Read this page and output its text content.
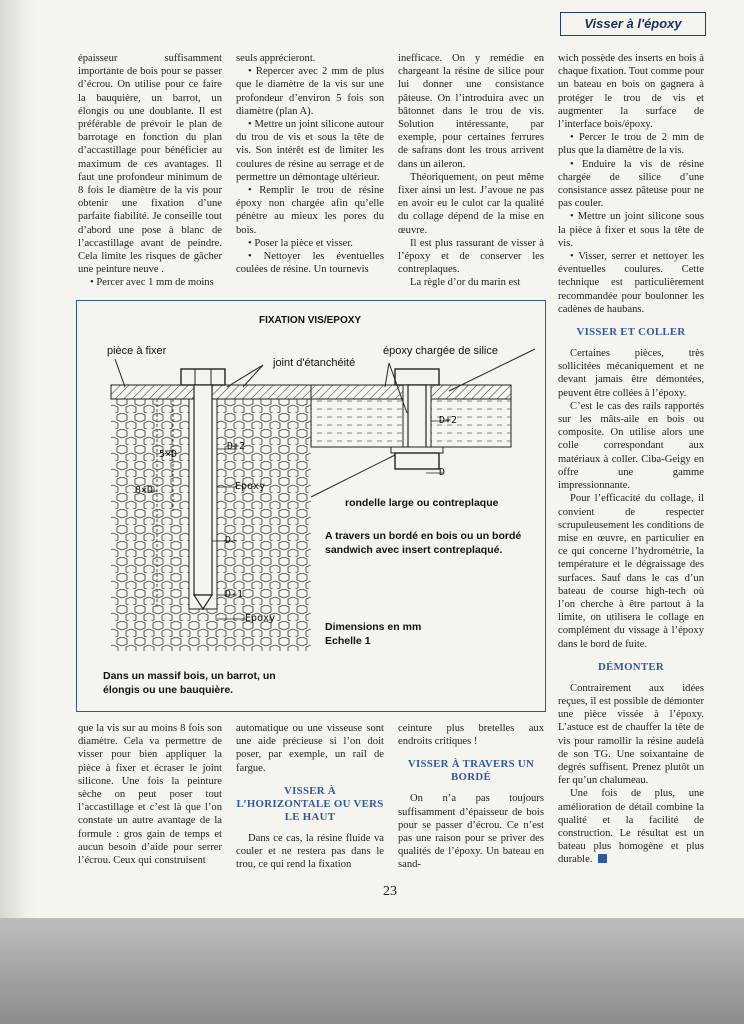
Visser à l'époxy

épaisseur suffisamment importante de bois pour se passer d’écrou. On utilise pour ce faire la bauquière, un barrot, un élongis ou une doublante. Il est préférable de prévoir le plan de barrotage en fonction du plan d’accastillage pour bénéficier au maximum de ces avantages. Il faut une profondeur minimum de 8 fois le diamètre de la vis pour obtenir une fixation d’une parfaite fiabilité. Je conseille tout d’abord une pose à blanc de l’accastillage avant de peindre. Cela limite les risques de gâcher une peinture neuve .

• Percer avec 1 mm de moins

seuls apprécieront.

• Repercer avec 2 mm de plus que le diamètre de la vis sur une profondeur d’environ 5 fois son diamètre (plan A).

• Mettre un joint silicone autour du trou de vis et sous la tête de vis. Son intérêt est de limiter les coulures de résine au serrage et de permettre un démontage ultérieur.

• Remplir le trou de résine époxy non chargée afin qu’elle pénètre au mieux les pores du bois.

• Poser la pièce et visser.

• Nettoyer les éventuelles coulées de résine. Un tournevis

inefficace. On y remédie en chargeant la résine de silice pour lui donner une consistance pâteuse. On l’introduira avec un bâtonnet dans le trou de vis. Solution intéressante, par exemple, pour certaines ferrures de safrans dont les trous arrivent dans un aileron.

Théoriquement, on peut même fixer ainsi un lest. J’avoue ne pas en avoir eu le culot car la qualité du collage dépend de la mise en œuvre.

Il est plus rassurant de visser à l’époxy et de conserver les contreplaques.

La règle d’or du marin est

wich possède des inserts en bois à chaque fixation. Tout comme pour un bateau en bois on gagnera à protéger le trou de vis et augmenter la surface de l’interface bois/époxy.

• Percer le trou de 2 mm de plus que la diamètre de la vis.

• Enduire la vis de résine chargée de silice d’une consistance assez pâteuse pour ne pas couler.

• Mettre un joint silicone sous la pièce à fixer et sous la tête de vis.

• Visser, serrer et nettoyer les éventuelles coulures. Cette technique est particulièrement recommandée pour boulonner les cadènes de haubans.

VISSER ET COLLER

Certaines pièces, très sollicitées mécaniquement et ne devant jamais être démontées, peuvent être collées à l’époxy.

C’est le cas des rails rapportés sur les mâts-aile en bois ou composite. On utilise alors une colle correspondant aux matériaux à coller. Ciba-Geigy en offre une gamme impressionnante.

Pour l’efficacité du collage, il convient de respecter scrupuleusement les conditions de mise en œuvre, en particulier en ce qui concerne l’hydrométrie, la température et le dégraissage des surfaces. Sauf dans le cas d’un bateau de course high-tech où l’on cherche à être partout à la limite, on utilisera le collage en complément du vissage à l’époxy dans le bord de fuite.

DÉMONTER

Contrairement aux idées reçues, il est possible de démonter une pièce vissée à l’époxy. L’astuce est de chauffer la tête de vis pour ramollir la résine audelà de son TG. Une soixantaine de degrés suffisent. Prenez plutôt un fer qu’un chalumeau.

Une fois de plus, une amélioration de détail combine la qualité et la facilité de construction. Le résultat est un bateau plus homogène et plus durable.

FIXATION VIS/EPOXY
pièce à fixer
joint d'étanchéité
époxy chargée de silice
5×D
8×D
D+2
Epoxy
D
D-1
Epoxy
D+2
D
rondelle large ou contreplaque
A travers un bordé en bois ou un bordé sandwich avec insert contreplaqué.
Dimensions en mm
Echelle 1
Dans un massif bois, un barrot, un élongis ou une bauquière.

que la vis sur au moins 8 fois son diamètre. Cela va permettre de visser pour bien appliquer la pièce à fixer et écraser le joint silicone. Une fois la peinture sèche on peut poser tout l’accastillage et c’est là que l’on constate un autre avantage de la formule : gros gain de temps et aucun besoin d’aide pour serrer l’écrou. Ceux qui construisent

automatique ou une visseuse sont une aide précieuse si l’on doit poser, par exemple, un rail de fargue.

VISSER À L’HORIZONTALE OU VERS LE HAUT

Dans ce cas, la résine fluide va couler et ne restera pas dans le trou, ce qui rend la fixation

ceinture plus bretelles aux endroits critiques !

VISSER À TRAVERS UN BORDÉ

On n’a pas toujours suffisamment d’épaisseur de bois pour se passer d’écrou. Ce n’est pas une raison pour se priver des qualités de l’époxy. Un bateau en sand-

23
